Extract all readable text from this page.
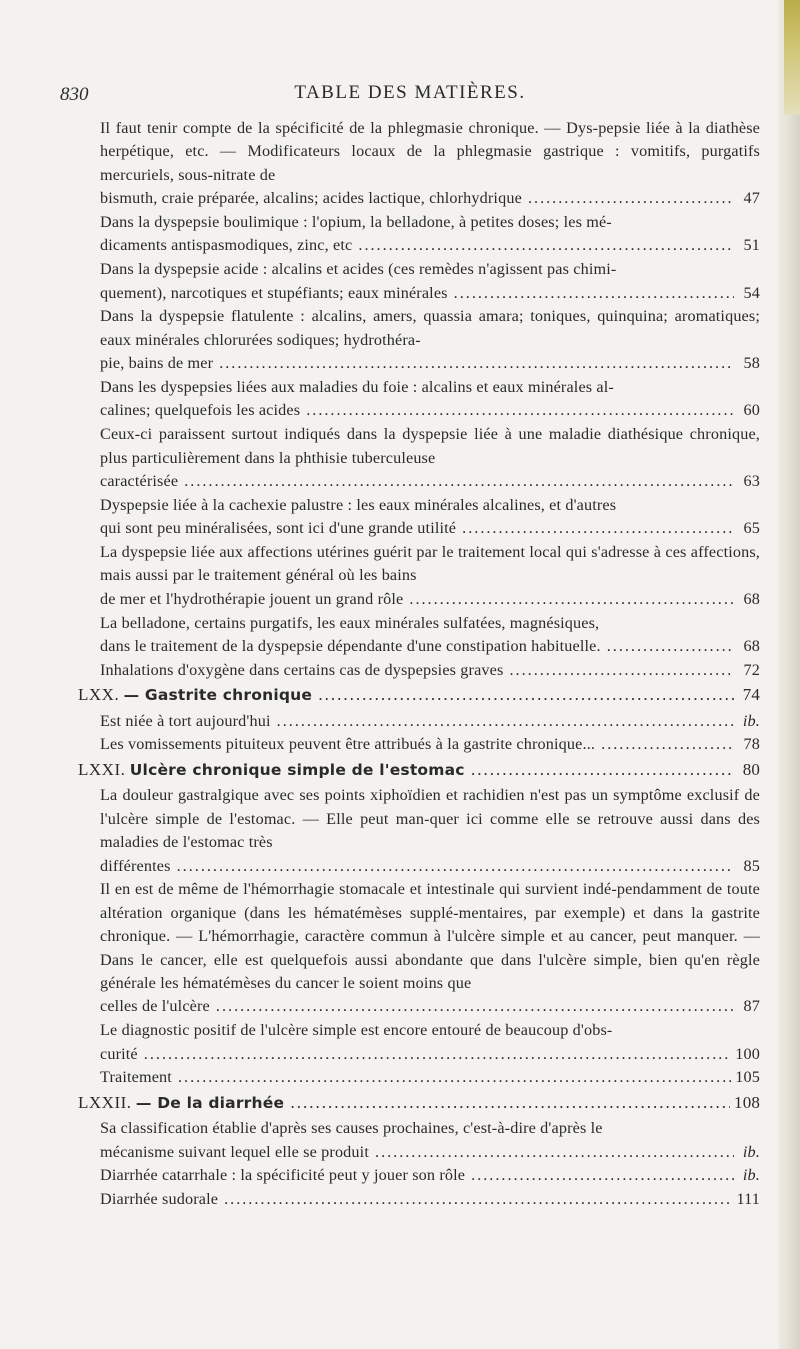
830	TABLE DES MATIÈRES.
Il faut tenir compte de la spécificité de la phlegmasie chronique. — Dys-pepsie liée à la diathèse herpétique, etc. — Modificateurs locaux de la phlegmasie gastrique : vomitifs, purgatifs mercuriels, sous-nitrate de
bismuth, craie préparée, alcalins; acides lactique, chlorhydrique .....	47
Dans la dyspepsie boulimique : l'opium, la belladone, à petites doses; les mé-
dicaments antispasmodiques, zinc, etc .....	51
Dans la dyspepsie acide : alcalins et acides (ces remèdes n'agissent pas chimi-
quement), narcotiques et stupéfiants; eaux minérales .....	54
Dans la dyspepsie flatulente : alcalins, amers, quassia amara; toniques, quinquina; aromatiques; eaux minérales chlorurées sodiques; hydrothéra-
pie, bains de mer .....	58
Dans les dyspepsies liées aux maladies du foie : alcalins et eaux minérales al-
calines; quelquefois les acides .....	60
Ceux-ci paraissent surtout indiqués dans la dyspepsie liée à une maladie diathésique chronique, plus particulièrement dans la phthisie tuberculeuse
caractérisée .....	63
Dyspepsie liée à la cachexie palustre : les eaux minérales alcalines, et d'autres
qui sont peu minéralisées, sont ici d'une grande utilité .....	65
La dyspepsie liée aux affections utérines guérit par le traitement local qui s'adresse à ces affections, mais aussi par le traitement général où les bains
de mer et l'hydrothérapie jouent un grand rôle .....	68
La belladone, certains purgatifs, les eaux minérales sulfatées, magnésiques,
dans le traitement de la dyspepsie dépendante d'une constipation habituelle. .....	68
Inhalations d'oxygène dans certains cas de dyspepsies graves .....	72
LXX. — Gastrite chronique .....	74
Est niée à tort aujourd'hui .....	ib.
Les vomissements pituiteux peuvent être attribués à la gastrite chronique... .....	78
LXXI. Ulcère chronique simple de l'estomac .....	80
La douleur gastralgique avec ses points xiphoïdien et rachidien n'est pas un symptôme exclusif de l'ulcère simple de l'estomac. — Elle peut man-quer ici comme elle se retrouve aussi dans des maladies de l'estomac très
différentes .....	85
Il en est de même de l'hémorrhagie stomacale et intestinale qui survient indé-pendamment de toute altération organique (dans les hématémèses supplé-mentaires, par exemple) et dans la gastrite chronique. — L'hémorrhagie, caractère commun à l'ulcère simple et au cancer, peut manquer. — Dans le cancer, elle est quelquefois aussi abondante que dans l'ulcère simple, bien qu'en règle générale les hématémèses du cancer le soient moins que
celles de l'ulcère .....	87
Le diagnostic positif de l'ulcère simple est encore entouré de beaucoup d'obs-
curité .....	100
Traitement .....	105
LXXII. — De la diarrhée .....	108
Sa classification établie d'après ses causes prochaines, c'est-à-dire d'après le
mécanisme suivant lequel elle se produit .....	ib.
Diarrhée catarrhale : la spécificité peut y jouer son rôle .....	ib.
Diarrhée sudorale .....	111
